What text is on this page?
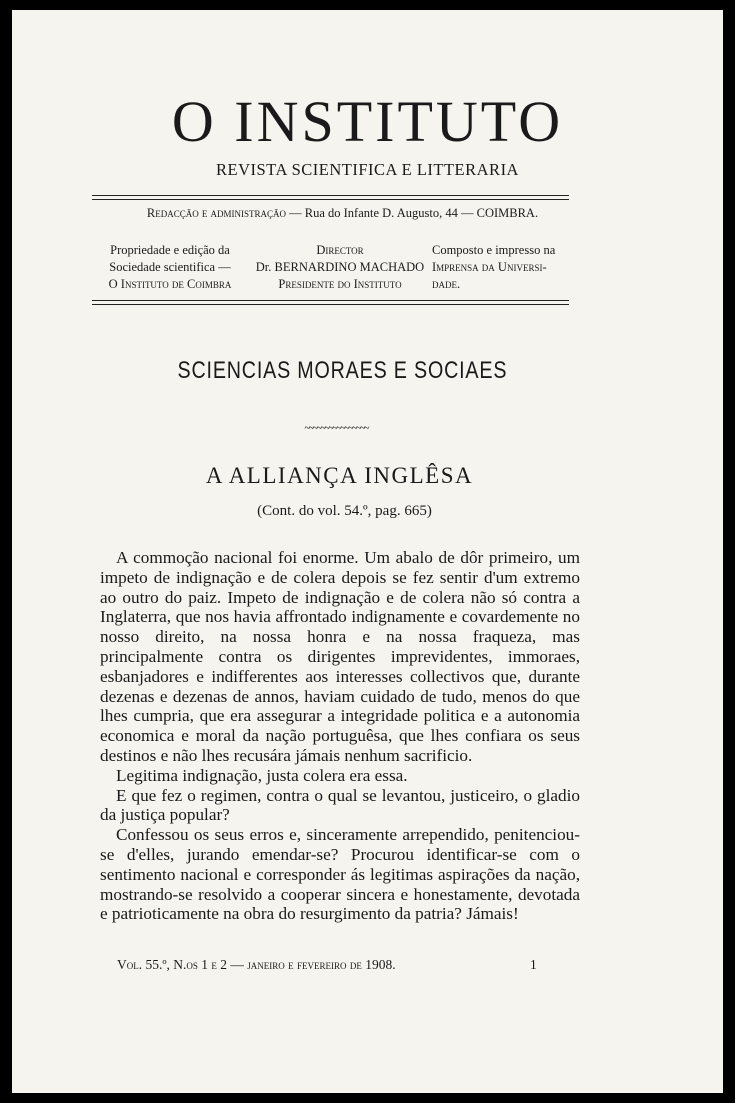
O INSTITUTO
REVISTA SCIENTIFICA E LITTERARIA
Redacção e administração — Rua do Infante D. Augusto, 44 — COIMBRA.
Propriedade e edição da
Sociedade scientifica —
O Instituto de Coimbra
Director
Dr. BERNARDINO MACHADO
Presidente do Instituto
Composto e impresso na
Imprensa da Universi-
dade.
SCIENCIAS MORAES E SOCIAES
~~~~~~~~~~~~~~~~
A ALLIANÇA INGLÊSA
(Cont. do vol. 54.º, pag. 665)

A commoção nacional foi enorme. Um abalo de dôr primeiro, um impeto de indignação e de colera depois se fez sentir d'um extremo ao outro do paiz. Impeto de indignação e de colera não só contra a Inglaterra, que nos havia affrontado indignamente e covardemente no nosso direito, na nossa honra e na nossa fraqueza, mas principalmente contra os dirigentes imprevidentes, immoraes, esbanjadores e indifferentes aos interesses collectivos que, durante dezenas e dezenas de annos, haviam cuidado de tudo, menos do que lhes cumpria, que era assegurar a integridade politica e a autonomia economica e moral da nação portuguêsa, que lhes confiara os seus destinos e não lhes recusára jámais nenhum sacrificio.

Legitima indignação, justa colera era essa.

E que fez o regimen, contra o qual se levantou, justiceiro, o gladio da justiça popular?

Confessou os seus erros e, sinceramente arrependido, penitenciou-se d'elles, jurando emendar-se? Procurou identificar-se com o sentimento nacional e corresponder ás legitimas aspirações da nação, mostrando-se resolvido a cooperar sincera e honestamente, devotada e patrioticamente na obra do resurgimento da patria? Jámais!

Vol. 55.º, N.os 1 e 2 — janeiro e fevereiro de 1908.	1
